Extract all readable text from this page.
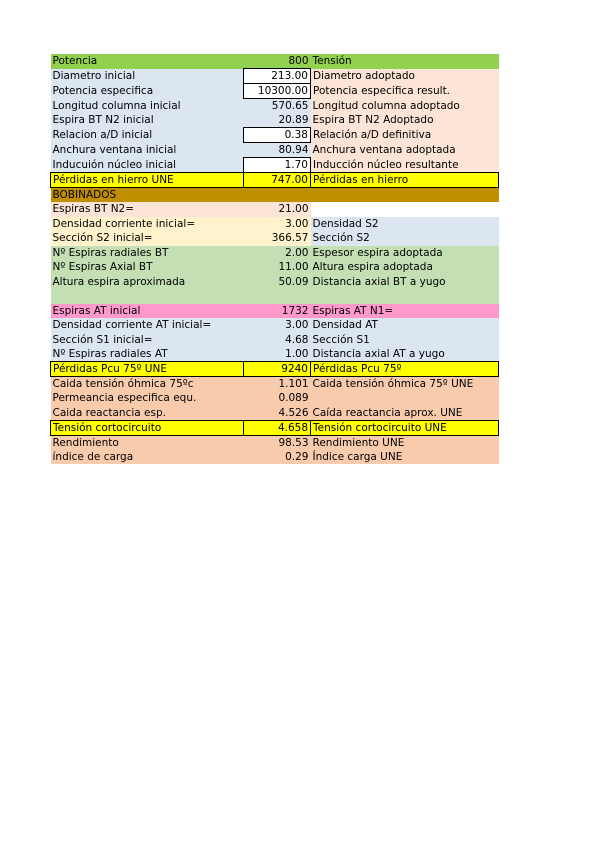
Potencia	800	Tensión
Diametro inicial	213.00	Diametro adoptado
Potencia especifica	10300.00	Potencia especifica result.
Longitud columna inicial	570.65	Longitud columna adoptado
Espira BT N2 inicial	20.89	Espira BT N2 Adoptado
Relacion a/D inicial	0.38	Relación a/D definitiva
Anchura ventana inicial	80.94	Anchura ventana adoptada
Inducuión núcleo inicial	1.70	Inducción núcleo resultante
Pérdidas en hierro UNE	747.00	Pérdidas en hierro
BOBINADOS		
Espiras BT N2=	21.00	
Densidad corriente inicial=	3.00	Densidad S2
Sección S2 inicial=	366.57	Sección S2
Nº Espiras radiales BT	2.00	Espesor espira adoptada
Nº Espiras Axial BT	11.00	Altura espira adoptada
Altura espira aproximada	50.09	Distancia axial BT a yugo

Espiras AT inicial	1732	Espiras AT N1=
Densidad corriente AT inicial=	3.00	Densidad AT
Sección S1 inicial=	4.68	Sección S1
Nº Espiras radiales AT	1.00	Distancia axial AT a yugo
Pérdidas Pcu 75º UNE	9240	Pérdidas Pcu 75º
Caida tensión óhmica 75ºc	1.101	Caida tensión óhmica 75º UNE
Permeancia especifica equ.	0.089	
Caida reactancia esp.	4.526	Caída reactancia aprox. UNE
Tensión cortocircuito	4.658	Tensión cortocircuito UNE
Rendimiento	98.53	Rendimiento UNE
índice de carga	0.29	Índice carga UNE
